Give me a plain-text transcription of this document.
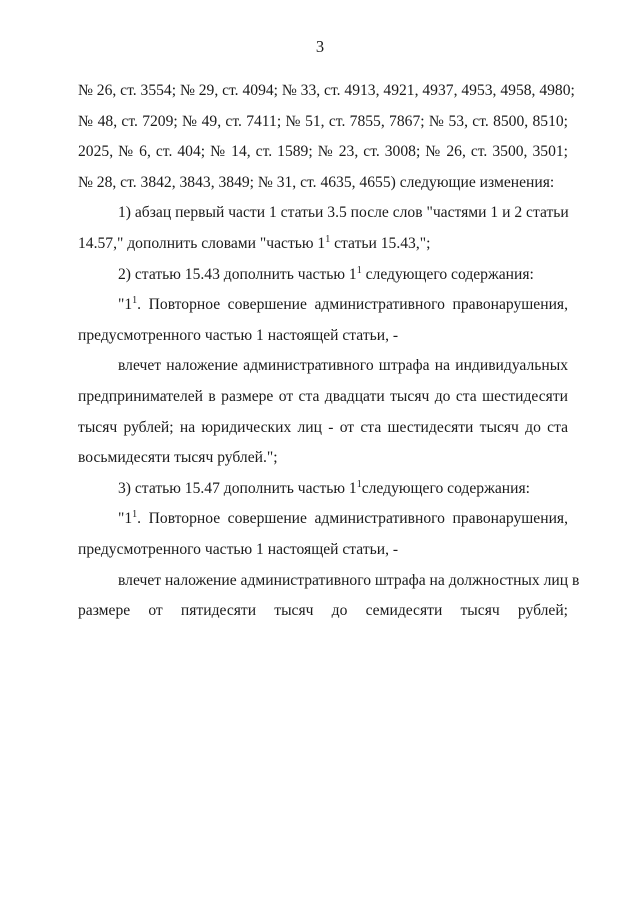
3
№ 26, ст. 3554; № 29, ст. 4094; № 33, ст. 4913, 4921, 4937, 4953, 4958, 4980;
№ 48, ст. 7209; № 49, ст. 7411; № 51, ст. 7855, 7867; № 53, ст. 8500, 8510;
2025, № 6, ст. 404; № 14, ст. 1589; № 23, ст. 3008; № 26, ст. 3500, 3501;
№ 28, ст. 3842, 3843, 3849; № 31, ст. 4635, 4655) следующие изменения:
1) абзац первый части 1 статьи 3.5 после слов "частями 1 и 2 статьи
14.57," дополнить словами "частью $1^1$ статьи 15.43,";
2) статью 15.43 дополнить частью $1^1$ следующего содержания:
"$1^1$. Повторное совершение административного правонарушения,
предусмотренного частью 1 настоящей статьи, -
влечет наложение административного штрафа на индивидуальных
предпринимателей в размере от ста двадцати тысяч до ста шестидесяти
тысяч рублей; на юридических лиц - от ста шестидесяти тысяч до ста
восьмидесяти тысяч рублей.";
3) статью 15.47 дополнить частью $1^1следующего$ содержания:
"$1^1$. Повторное совершение административного правонарушения,
предусмотренного частью 1 настоящей статьи, -
влечет наложение административного штрафа на должностных лиц в
размере от пятидесяти тысяч до семидесяти тысяч рублей;
